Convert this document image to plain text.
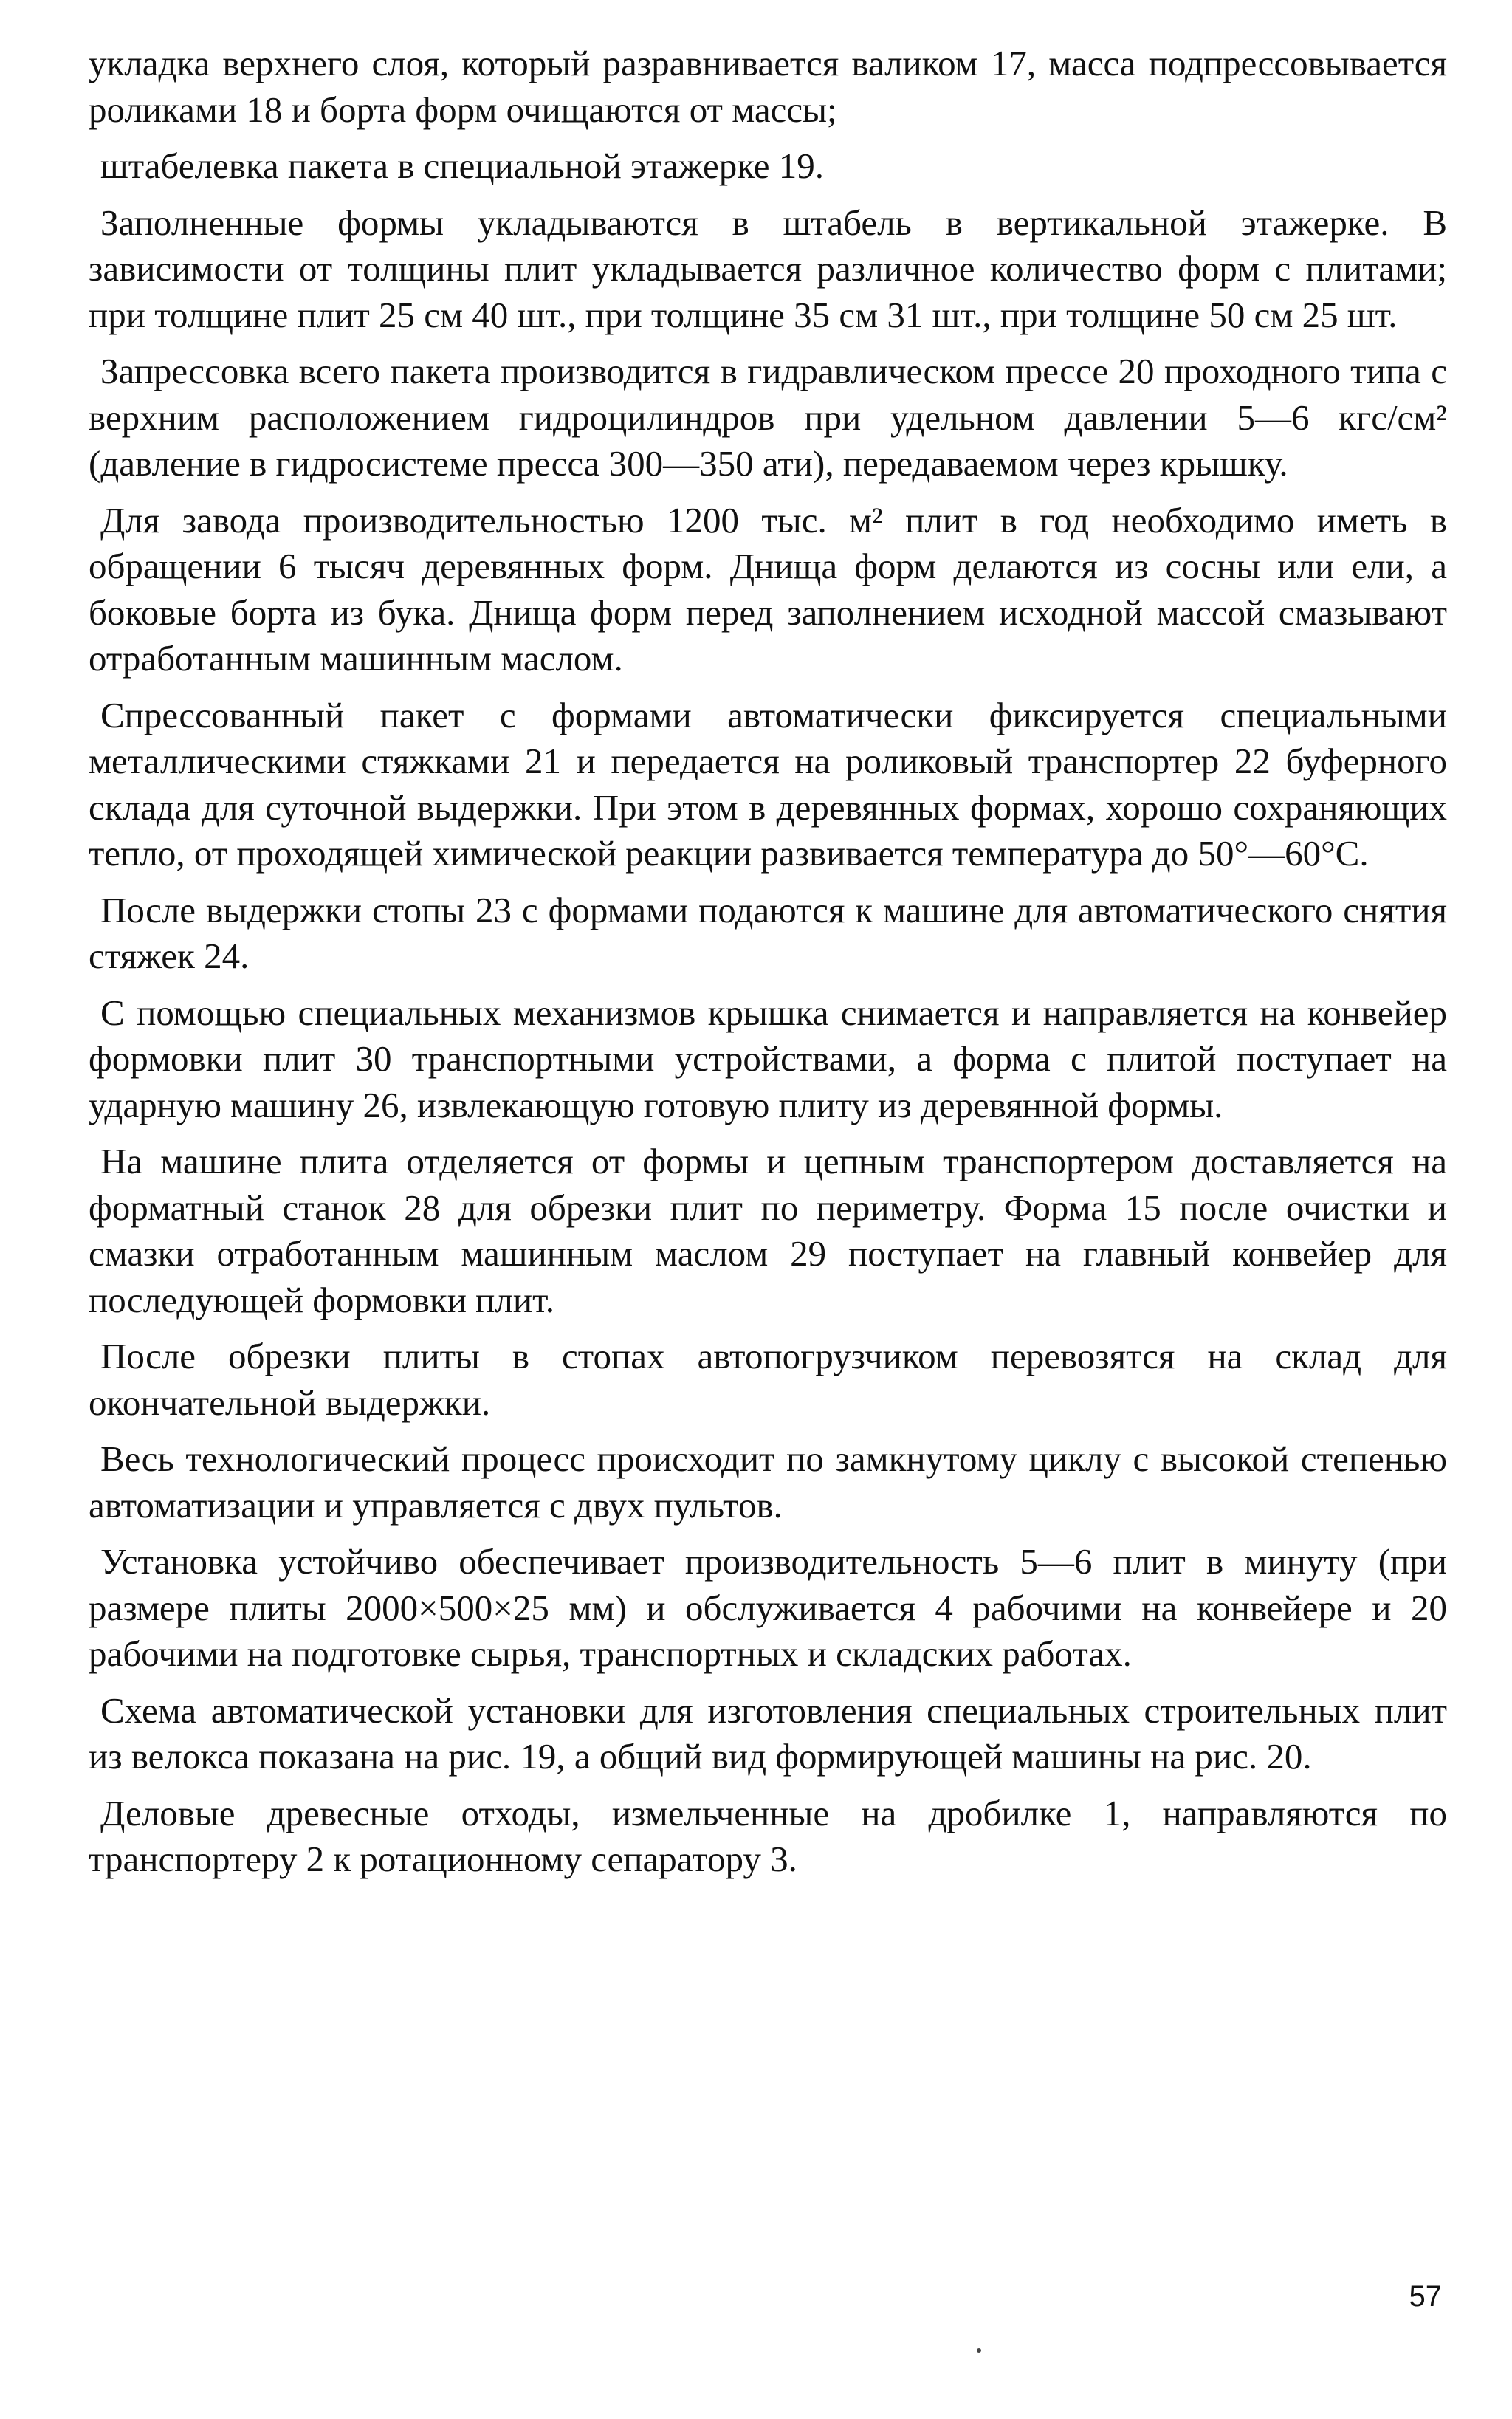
укладка верхнего слоя, который разравнивается валиком 17, масса подпрессовывается роликами 18 и борта форм очищаются от массы;

штабелевка пакета в специальной этажерке 19.

Заполненные формы укладываются в штабель в вертикальной этажерке. В зависимости от толщины плит укладывается различное количество форм с плитами; при толщине плит 25 см 40 шт., при толщине 35 см 31 шт., при толщине 50 см 25 шт.

Запрессовка всего пакета производится в гидравлическом прессе 20 проходного типа с верхним расположением гидроцилиндров при удельном давлении 5—6 кгс/см² (давление в гидросистеме пресса 300—350 ати), передаваемом через крышку.

Для завода производительностью 1200 тыс. м² плит в год необходимо иметь в обращении 6 тысяч деревянных форм. Днища форм делаются из сосны или ели, а боковые борта из бука. Днища форм перед заполнением исходной массой смазывают отработанным машинным маслом.

Спрессованный пакет с формами автоматически фиксируется специальными металлическими стяжками 21 и передается на роликовый транспортер 22 буферного склада для суточной выдержки. При этом в деревянных формах, хорошо сохраняющих тепло, от проходящей химической реакции развивается температура до 50°—60°С.

После выдержки стопы 23 с формами подаются к машине для автоматического снятия стяжек 24.

С помощью специальных механизмов крышка снимается и направляется на конвейер формовки плит 30 транспортными устройствами, а форма с плитой поступает на ударную машину 26, извлекающую готовую плиту из деревянной формы.

На машине плита отделяется от формы и цепным транспортером доставляется на форматный станок 28 для обрезки плит по периметру. Форма 15 после очистки и смазки отработанным машинным маслом 29 поступает на главный конвейер для последующей формовки плит.

После обрезки плиты в стопах автопогрузчиком перевозятся на склад для окончательной выдержки.

Весь технологический процесс происходит по замкнутому циклу с высокой степенью автоматизации и управляется с двух пультов.

Установка устойчиво обеспечивает производительность 5—6 плит в минуту (при размере плиты 2000×500×25 мм) и обслуживается 4 рабочими на конвейере и 20 рабочими на подготовке сырья, транспортных и складских работах.

Схема автоматической установки для изготовления специальных строительных плит из велокса показана на рис. 19, а общий вид формирующей машины на рис. 20.

Деловые древесные отходы, измельченные на дробилке 1, направляются по транспортеру 2 к ротационному сепаратору 3.

57
